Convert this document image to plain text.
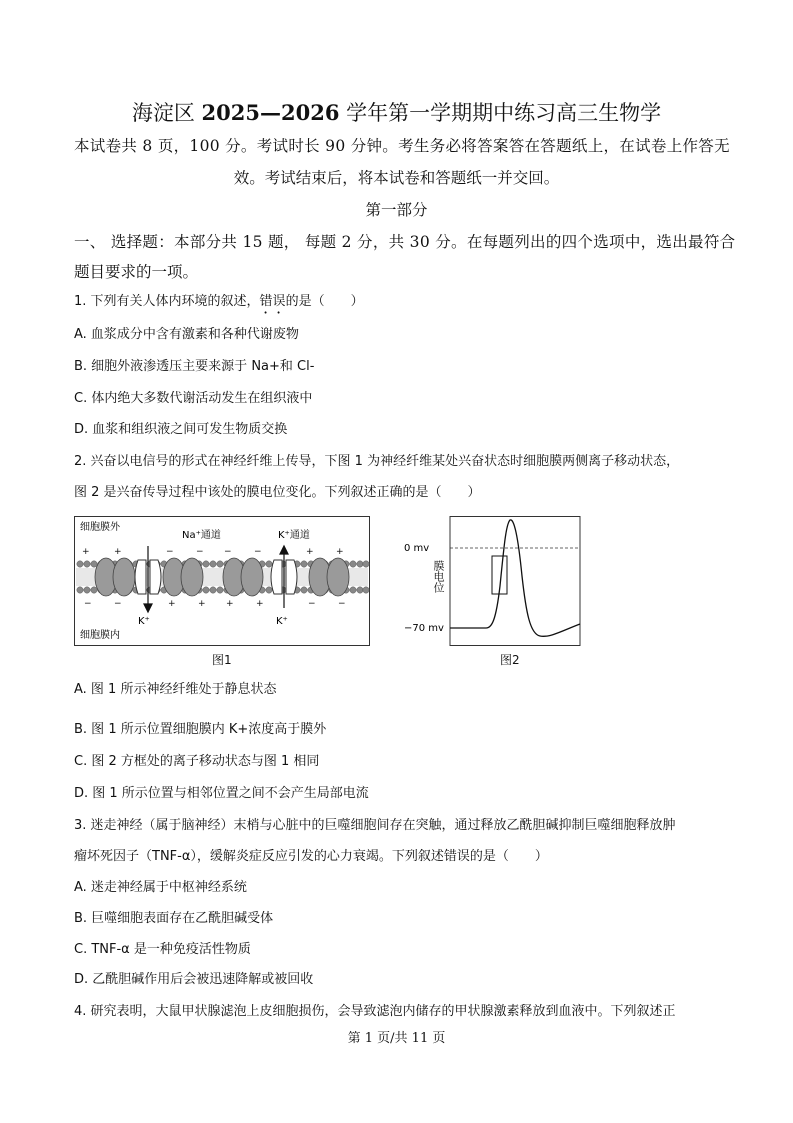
海淀区 2025—2026 学年第一学期期中练习高三生物学
本试卷共 8 页，100 分。考试时长 90 分钟。考生务必将答案答在答题纸上，在试卷上作答无
效。考试结束后，将本试卷和答题纸一并交回。
第一部分
一、 选择题：本部分共 15 题， 每题 2 分，共 30 分。在每题列出的四个选项中，选出最符合
题目要求的一项。
1. 下列有关人体内环境的叙述，错误的是（　　）
A. 血浆成分中含有激素和各种代谢废物
B. 细胞外液渗透压主要来源于 Na+和 Cl-
C. 体内绝大多数代谢活动发生在组织液中
D. 血浆和组织液之间可发生物质交换
2. 兴奋以电信号的形式在神经纤维上传导，下图 1 为神经纤维某处兴奋状态时细胞膜两侧离子移动状态，
图 2 是兴奋传导过程中该处的膜电位变化。下列叙述正确的是（　　）
+	+	− − − −	+ +
− −	+ + + +	− −
细胞膜外
细胞膜内
Na⁺通道	K⁺通道
K⁺	K⁺
图1
0 mv
−70 mv
膜电位
图2
A. 图 1 所示神经纤维处于静息状态
B. 图 1 所示位置细胞膜内 K+浓度高于膜外
C. 图 2 方框处的离子移动状态与图 1 相同
D. 图 1 所示位置与相邻位置之间不会产生局部电流
3. 迷走神经（属于脑神经）末梢与心脏中的巨噬细胞间存在突触，通过释放乙酰胆碱抑制巨噬细胞释放肿
瘤坏死因子（TNF-α），缓解炎症反应引发的心力衰竭。下列叙述错误的是（　　）
A. 迷走神经属于中枢神经系统
B. 巨噬细胞表面存在乙酰胆碱受体
C. TNF-α 是一种免疫活性物质
D. 乙酰胆碱作用后会被迅速降解或被回收
4. 研究表明，大鼠甲状腺滤泡上皮细胞损伤，会导致滤泡内储存的甲状腺激素释放到血液中。下列叙述正
第 1 页/共 11 页
